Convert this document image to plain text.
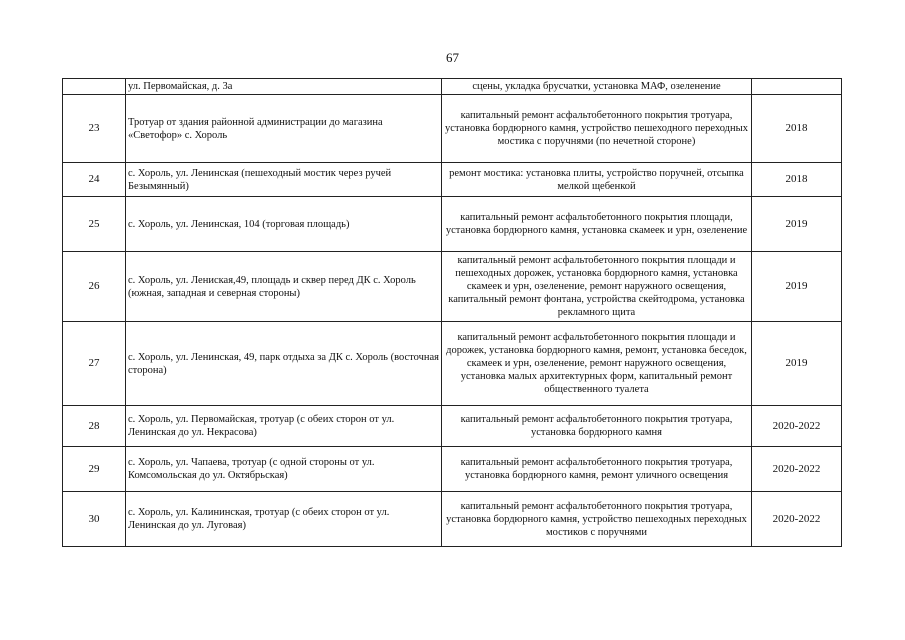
67
	ул. Первомайская, д. 3а	сцены, укладка брусчатки, установка МАФ, озеленение	
23	Тротуар от здания районной администрации до магазина «Светофор» с. Хороль	капитальный ремонт асфальтобетонного покрытия тротуара, установка бордюрного камня, устройство пешеходного переходных мостика с поручнями (по нечетной стороне)	2018
24	с. Хороль, ул. Ленинская (пешеходный мостик через ручей Безымянный)	ремонт мостика: установка плиты, устройство поручней, отсыпка мелкой щебенкой	2018
25	с. Хороль, ул. Ленинская, 104 (торговая площадь)	капитальный ремонт асфальтобетонного покрытия площади, установка бордюрного камня, установка скамеек и урн, озеленение	2019
26	с. Хороль, ул. Лениская,49, площадь и сквер перед ДК с. Хороль (южная, западная и северная стороны)	капитальный ремонт асфальтобетонного покрытия площади и пешеходных дорожек, установка бордюрного камня, установка скамеек и урн, озеленение, ремонт наружного освещения, капитальный ремонт фонтана, устройства скейтодрома, установка рекламного щита	2019
27	с. Хороль, ул. Ленинская, 49, парк отдыха за ДК с. Хороль (восточная сторона)	капитальный ремонт асфальтобетонного покрытия площади и дорожек, установка бордюрного камня, ремонт, установка беседок, скамеек и урн, озеленение, ремонт наружного освещения, установка малых архитектурных форм, капитальный ремонт общественного туалета	2019
28	с. Хороль, ул. Первомайская, тротуар (с обеих сторон от ул. Ленинская до ул. Некрасова)	капитальный ремонт асфальтобетонного покрытия тротуара, установка бордюрного камня	2020-2022
29	с. Хороль, ул. Чапаева, тротуар (с одной стороны от ул. Комсомольская до ул. Октябрьская)	капитальный ремонт асфальтобетонного покрытия тротуара, установка бордюрного камня, ремонт уличного освещения	2020-2022
30	с. Хороль, ул. Калининская, тротуар (с обеих сторон от ул. Ленинская до ул. Луговая)	капитальный ремонт асфальтобетонного покрытия тротуара, установка бордюрного камня, устройство пешеходных переходных мостиков с поручнями	2020-2022
